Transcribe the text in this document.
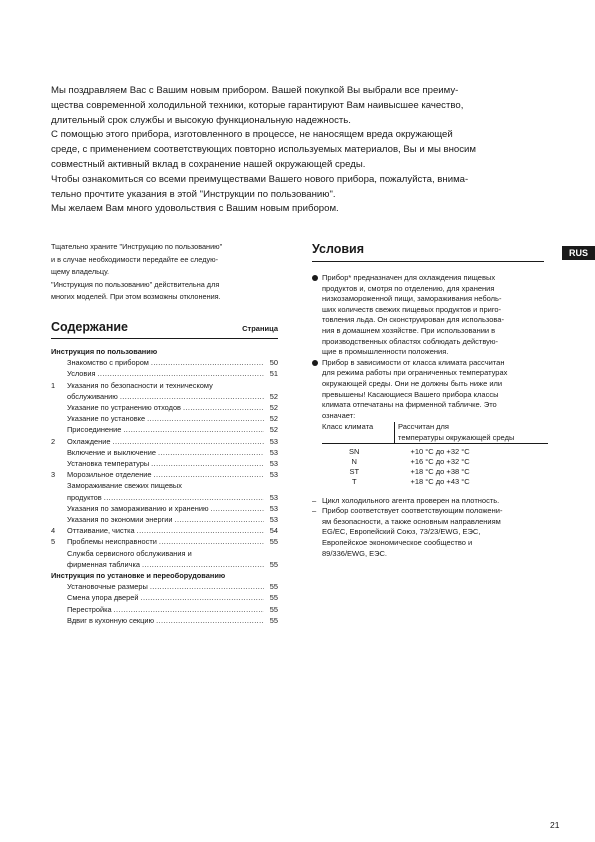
Мы поздравляем Вас с Вашим новым прибором. Вашей покупкой Вы выбрали все преиму-

щества современной холодильной техники, которые гарантируют Вам наивысшее качество,

длительный срок службы и высокую функциональную надежность.

С помощью этого прибора, изготовленного в процессе, не наносящем вреда окружающей

среде, с применением соответствующих повторно используемых материалов, Вы и мы вносим

совместный активный вклад в сохранение нашей окружающей среды.

Чтобы ознакомиться со всеми преимуществами Вашего нового прибора, пожалуйста, внима-

тельно прочтите указания в этой "Инструкции по пользованию".

Мы желаем Вам много удовольствия с Вашим новым прибором.

Тщательно храните "Инструкцию по пользованию"

и в случае необходимости передайте ее следую-

щему владельцу.

"Инструкция по пользованию" действительна для

многих моделей. При этом возможны отклонения.

Содержание	Страница

Инструкция по пользованию

Знакомство с прибором .....	50
Условия .....	51
1	Указания по безопасности и техническому
обслуживанию .....	52
Указание по устранению отходов .....	52
Указание по установке .....	52
Присоединение .....	52
2	Охлаждение .....	53
Включение и выключение .....	53
Установка температуры .....	53
3	Морозильное отделение .....	53
Замораживание свежих пищевых
продуктов .....	53
Указания по замораживанию и хранению .....	53
Указания по экономии энергии .....	53
4	Оттаивание, чистка .....	54
5	Проблемы неисправности .....	55
Служба сервисного обслуживания и
фирменная табличка .....	55

Инструкция по установке и переоборудованию

Установочные размеры .....	55
Смена упора дверей .....	55
Перестройка .....	55
Вдвиг в кухонную секцию .....	55
Условия	RUS

Прибор* предназначен для охлаждения пищевых

продуктов и, смотря по отделению, для хранения

низкозамороженной пищи, замораживания неболь-

ших количеств свежих пищевых продуктов и приго-

товления льда. Он сконструирован для использова-

ния в домашнем хозяйстве. При использовании в

производственных областях соблюдать действую-

щие в промышленности положения.

Прибор в зависимости от класса климата рассчитан

для режима работы при ограниченных температурах

окружающей среды. Они не должны быть ниже или

превышены! Касающиеся Вашего прибора классы

климата отпечатаны на фирменной табличке. Это

означает:

Класс климата	Рассчитан для
температуры окружающей среды

SN	+10 °C до +32 °C
N	+16 °C до +32 °C
ST	+18 °C до +38 °C
T	+18 °C до +43 °C
– Цикл холодильного агента проверен на плотность.
– Прибор соответствует соответствующим положени-
ям безопасности, а также основным направлениям
EG/EC, Европейский Союз, 73/23/EWG, ЕЭС,
Европейское экономическое сообщество и
89/336/EWG, ЕЭС.
21
